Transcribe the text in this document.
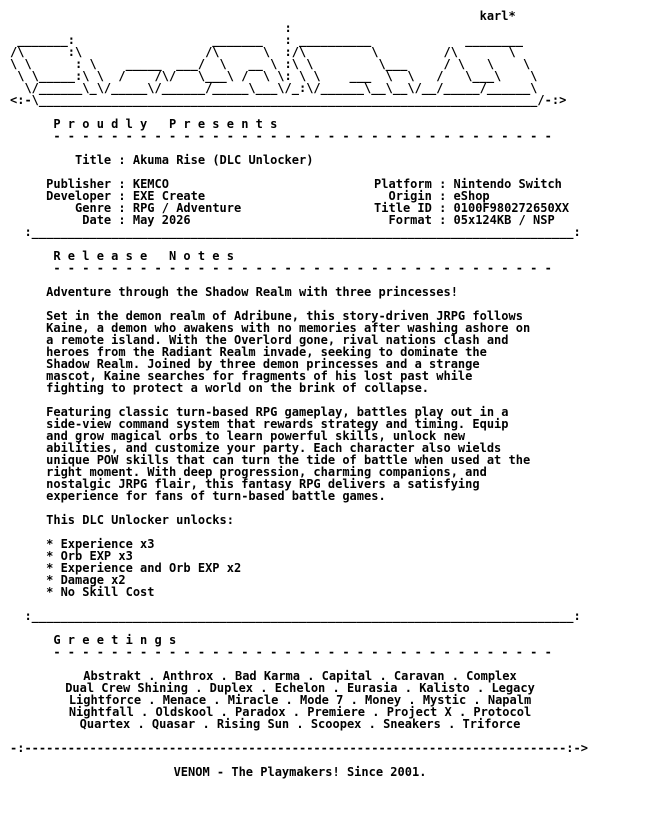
karl*
:
_______:                   _______   : __________             ________
/\      :\                 /\      \  :/\         \         /\       \
\ \      : \    _____  ___/  \   __ \ :\ \         \___     / \   \    \
\ \_____:\ \  /    /\/   \___\ /  \ \: \ \    ___  \  \   /   \___\    \
\/______\_\/_____\/______/_____\___\/_:\/______\__\__\/__/_____/______\
<:-\_____________________________________________________________________/-:>

P r o u d l y   P r e s e n t s
- - - - - - - - - - - - - - - - - - - - - - - - - - - - - - - - - - -

Title : Akuma Rise (DLC Unlocker)

Publisher : KEMCO	Platform : Nintendo Switch

Developer : EXE Create	Origin : eShop

Genre : RPG / Adventure	Title ID : 0100F980272650XX

Date : May 2026	Format : 05x124KB / NSP
:___________________________________________________________________________:

R e l e a s e   N o t e s
- - - - - - - - - - - - - - - - - - - - - - - - - - - - - - - - - - -

Adventure through the Shadow Realm with three princesses!

Set in the demon realm of Adribune, this story-driven JRPG follows

Kaine, a demon who awakens with no memories after washing ashore on

a remote island. With the Overlord gone, rival nations clash and

heroes from the Radiant Realm invade, seeking to dominate the

Shadow Realm. Joined by three demon princesses and a strange

mascot, Kaine searches for fragments of his lost past while

fighting to protect a world on the brink of collapse.

Featuring classic turn-based RPG gameplay, battles play out in a

side-view command system that rewards strategy and timing. Equip

and grow magical orbs to learn powerful skills, unlock new

abilities, and customize your party. Each character also wields

unique POW skills that can turn the tide of battle when used at the

right moment. With deep progression, charming companions, and

nostalgic JRPG flair, this fantasy RPG delivers a satisfying

experience for fans of turn-based battle games.

This DLC Unlocker unlocks:

* Experience x3

* Orb EXP x3

* Experience and Orb EXP x2

* Damage x2

* No Skill Cost
:___________________________________________________________________________:

G r e e t i n g s
- - - - - - - - - - - - - - - - - - - - - - - - - - - - - - - - - - -
Abstrakt . Anthrox . Bad Karma . Capital . Caravan . Complex
Dual Crew Shining . Duplex . Echelon . Eurasia . Kalisto . Legacy
Lightforce . Menace . Miracle . Mode 7 . Money . Mystic . Napalm
Nightfall . Oldskool . Paradox . Premiere . Project X . Protocol
Quartex . Quasar . Rising Sun . Scoopex . Sneakers . Triforce
-:---------------------------------------------------------------------------:->
VENOM - The Playmakers! Since 2001.
